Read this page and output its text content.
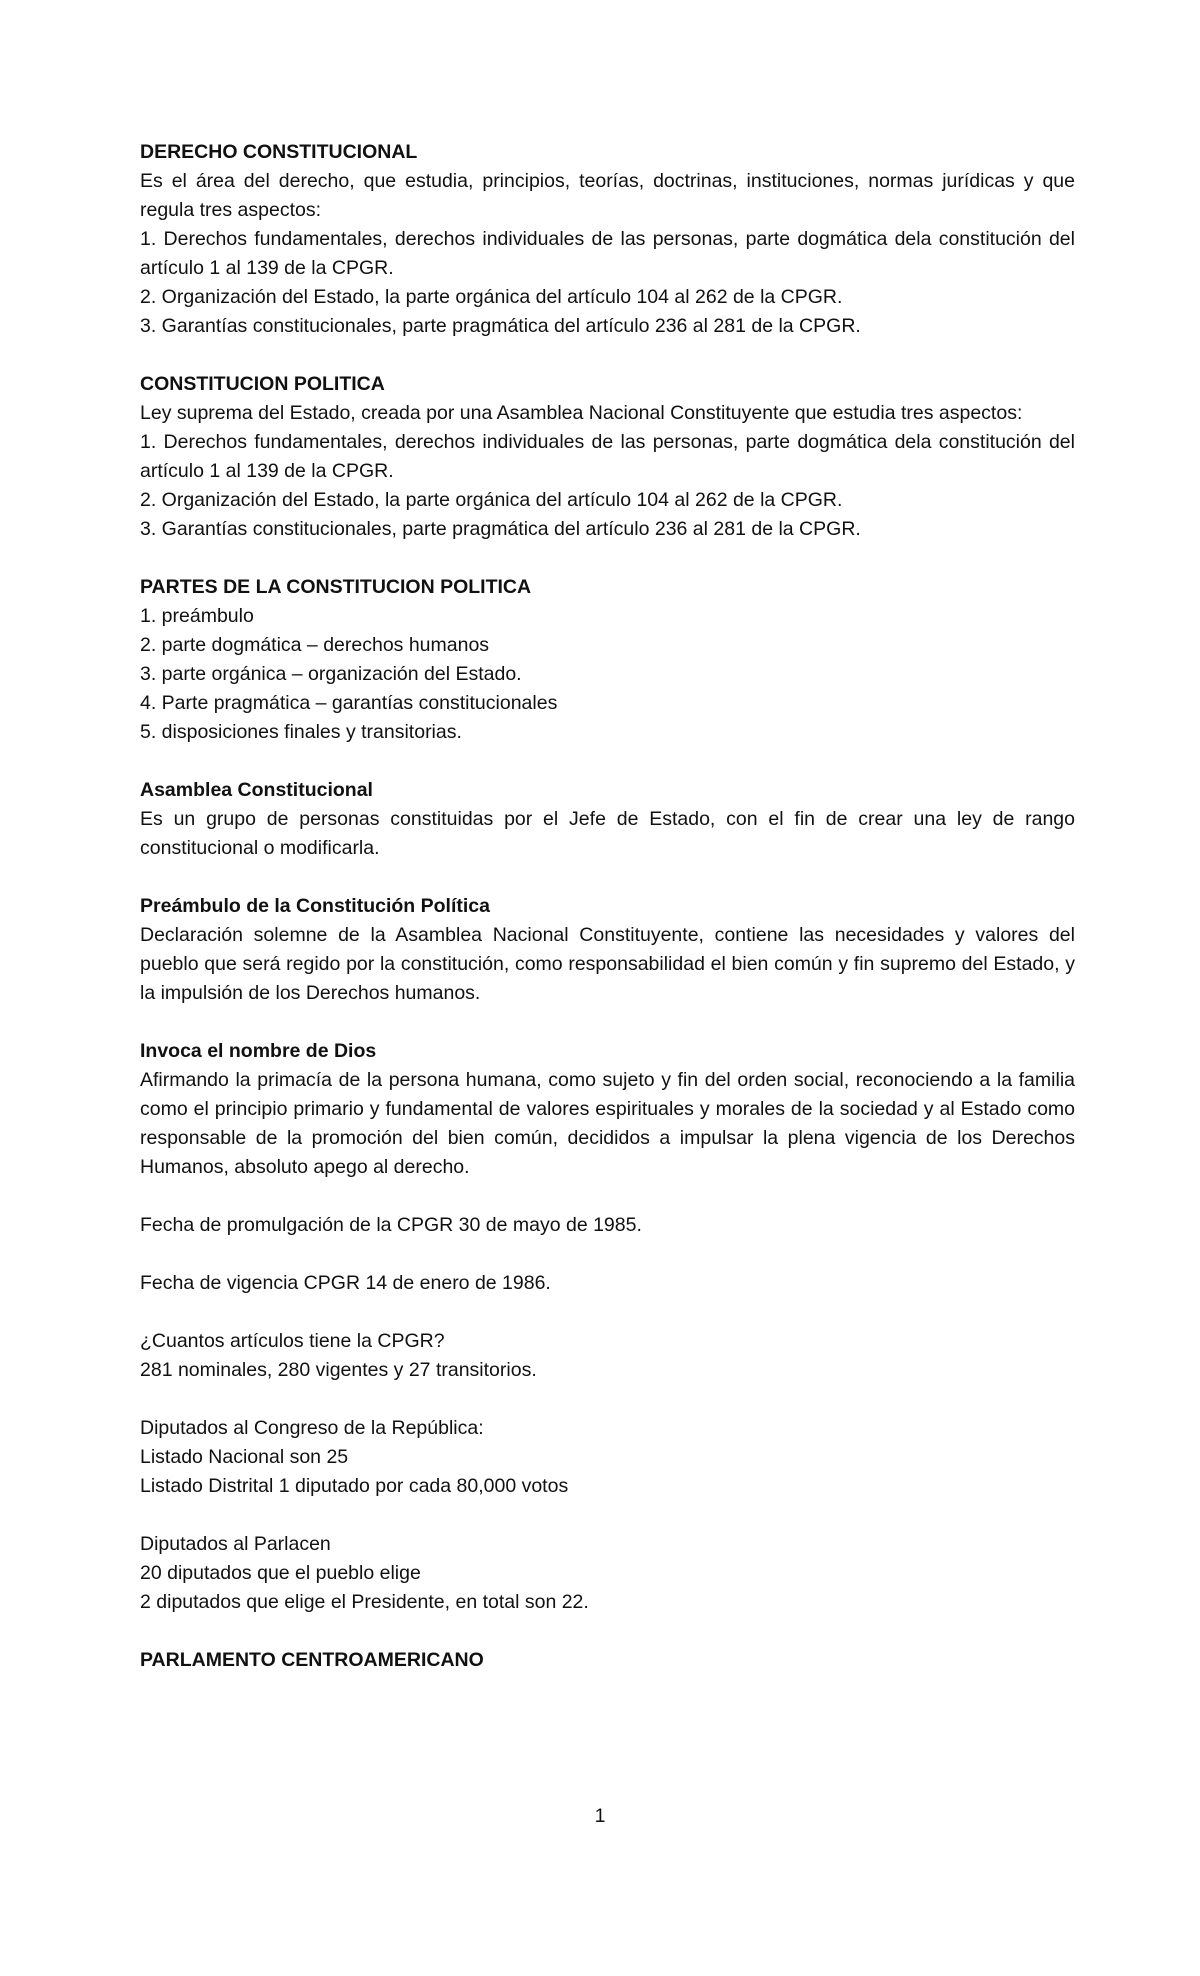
DERECHO CONSTITUCIONAL
Es el área del derecho, que estudia, principios, teorías, doctrinas, instituciones, normas jurídicas y que regula tres aspectos:
1. Derechos fundamentales, derechos individuales de las personas, parte dogmática dela constitución del artículo 1 al 139 de la CPGR.
2. Organización del Estado, la parte orgánica del artículo 104 al 262 de la CPGR.
3. Garantías constitucionales, parte pragmática del artículo 236 al 281 de la CPGR.
CONSTITUCION POLITICA
Ley suprema del Estado, creada por una Asamblea Nacional Constituyente que estudia tres aspectos:
1. Derechos fundamentales, derechos individuales de las personas, parte dogmática dela constitución del artículo 1 al 139 de la CPGR.
2. Organización del Estado, la parte orgánica del artículo 104 al 262 de la CPGR.
3. Garantías constitucionales, parte pragmática del artículo 236 al 281 de la CPGR.
PARTES DE LA CONSTITUCION POLITICA
1. preámbulo
2. parte dogmática – derechos humanos
3. parte orgánica – organización del Estado.
4. Parte pragmática – garantías constitucionales
5. disposiciones finales y transitorias.
Asamblea Constitucional
Es un grupo de personas constituidas por el Jefe de Estado, con el fin de crear una ley de rango constitucional o modificarla.
Preámbulo de la Constitución Política
Declaración solemne de la Asamblea Nacional Constituyente, contiene las necesidades y valores del pueblo que será regido por la constitución, como responsabilidad el bien común y fin supremo del Estado, y la impulsión de los Derechos humanos.
Invoca el nombre de Dios
Afirmando la primacía de la persona humana, como sujeto y fin del orden social, reconociendo a la familia como el principio primario y fundamental de valores espirituales y morales de la sociedad y al Estado como responsable de la promoción del bien común, decididos a impulsar la plena vigencia de los Derechos Humanos, absoluto apego al derecho.
Fecha de promulgación de la CPGR 30 de mayo de 1985.
Fecha de vigencia CPGR 14 de enero de 1986.
¿Cuantos artículos tiene la CPGR?
281 nominales, 280 vigentes y 27 transitorios.
Diputados al Congreso de la República:
Listado Nacional son 25
Listado Distrital 1 diputado por cada 80,000 votos
Diputados al Parlacen
20 diputados que el pueblo elige
2 diputados que elige el Presidente, en total son 22.
PARLAMENTO CENTROAMERICANO
1
